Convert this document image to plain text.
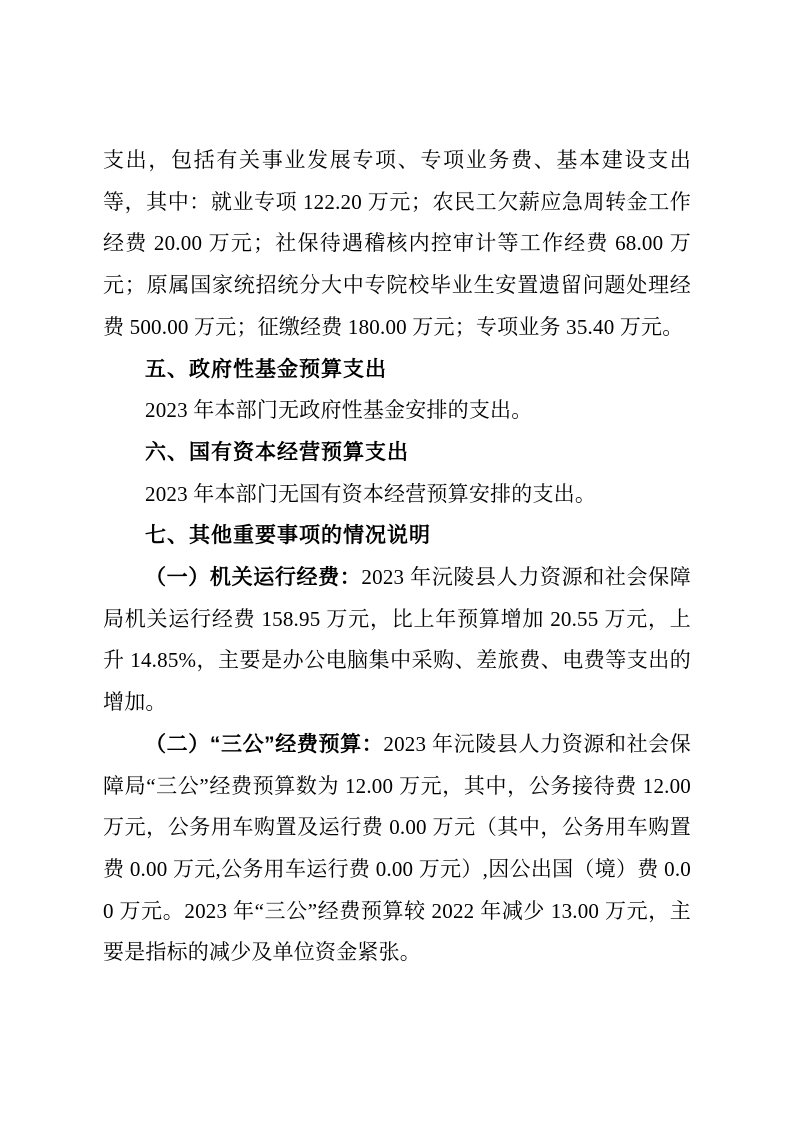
支出，包括有关事业发展专项、专项业务费、基本建设支出等，其中：就业专项 122.20 万元；农民工欠薪应急周转金工作经费 20.00 万元；社保待遇稽核内控审计等工作经费 68.00 万元；原属国家统招统分大中专院校毕业生安置遗留问题处理经费 500.00 万元；征缴经费 180.00 万元；专项业务 35.40 万元。
五、政府性基金预算支出
2023 年本部门无政府性基金安排的支出。
六、国有资本经营预算支出
2023 年本部门无国有资本经营预算安排的支出。
七、其他重要事项的情况说明
（一）机关运行经费：2023 年沅陵县人力资源和社会保障局机关运行经费 158.95 万元，比上年预算增加 20.55 万元，上升 14.85%，主要是办公电脑集中采购、差旅费、电费等支出的增加。
（二）“三公”经费预算：2023 年沅陵县人力资源和社会保障局“三公”经费预算数为 12.00 万元，其中，公务接待费 12.00 万元，公务用车购置及运行费 0.00 万元（其中，公务用车购置费 0.00 万元,公务用车运行费 0.00 万元）,因公出国（境）费 0.00 万元。2023 年“三公”经费预算较 2022 年减少 13.00 万元，主要是指标的减少及单位资金紧张。
